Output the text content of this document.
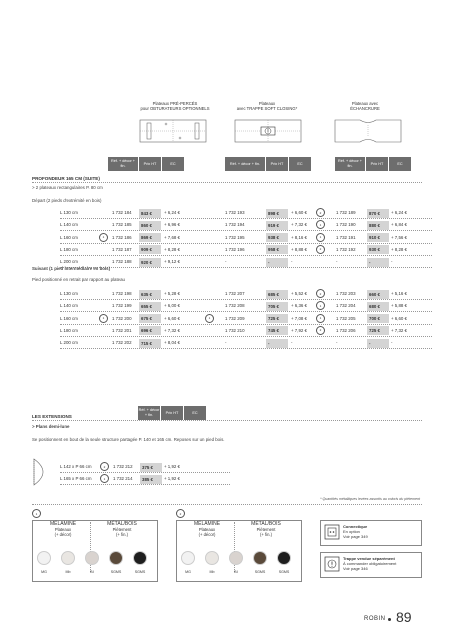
Plateaux PRÉ-PERCÉS
pour OBTURATEURS OPTIONNELS
Plateaux
avec TRAPPE SOFT CLOSING*
Plateaux avec
ÉCHANCRURE
Réf. + décor + fin.
Prix HT	EC	Réf. + décor + fin.	Prix HT	EC
Réf. + décor + fin.
Prix HT	EC
PROFONDEUR 165 CM (SUITE)
> 2 plateaux rectangulaires P. 80 cm
Départ (2 pieds d'extrémité en bois)
L 130 cm	1 732 184	843 €	+ 6,24 €	1 732 193	898 €	+ 6,60 €	2	1 732 189	870 €	+ 6,24 €
L 140 cm	1 732 185	860 €	+ 6,96 €	1 732 194	919 €	+ 7,32 €	1	1 732 190	880 €	+ 6,84 €
L 160 cm	1	1 732 186	869 €	+ 7,68 €	1 732 195	938 €	+ 8,16 €	1	1 732 191	910 €	+ 7,56 €
L 180 cm	1 732 187	909 €	+ 8,28 €	1 732 196	958 €	+ 8,88 €	2	1 732 192	930 €	+ 8,28 €
L 200 cm	1 732 188	920 €	+ 9,12 €	-	-	-	-	-	-
Suivant (1 pied intermédiaire en bois)
Pied positionné en retrait par rapport au plateau
L 130 cm	1 732 198	635 €	+ 5,28 €	1 732 207	685 €	+ 5,52 €	2	1 732 203	660 €	+ 5,16 €
L 140 cm	1 732 199	655 €	+ 6,00 €	1 732 208	705 €	+ 6,36 €	1	1 732 204	680 €	+ 5,88 €
L 160 cm	1	1 732 200	675 €	+ 6,60 €	1	1 732 209	725 €	+ 7,08 €	1	1 732 205	700 €	+ 6,60 €
L 180 cm	1 732 201	696 €	+ 7,32 €	1 732 210	745 €	+ 7,92 €	2	1 732 206	725 €	+ 7,32 €
L 200 cm	1 732 202	715 €	+ 8,04 €	-	-	-	-	-	-
Réf. + décor + fin.
Prix HT	EC
LES EXTENSIONS
> Plans demi-lune
Se positionnent en bout de la seule structure partagée P. 140 et 165 cm. Reposes sur un pied bois.
L 142 x P 66 cm	2	1 732 212	375 €	+ 1,92 €
L 165 x P 66 cm	1	1 732 214	385 €	+ 1,92 €
* Quantités métalliques levées assortis au coloris du piètement
1	2
MÉLAMINE
Plateaux
(+ décor)
MÉTAL/BOIS
Piètement
(+ fin.)
MÉLAMINE
Plateaux
(+ décor)
MÉTAL/BOIS
Piètement
(+ fin.)
MG	Mb	BI	SGMS	SGMS	MG	Mb	BI	SGMS	SGMS
Connectique
En option
Voir page 349
Trappe vendue séparément
À commander obligatoirement
Voir page 346
ROBIN 89
